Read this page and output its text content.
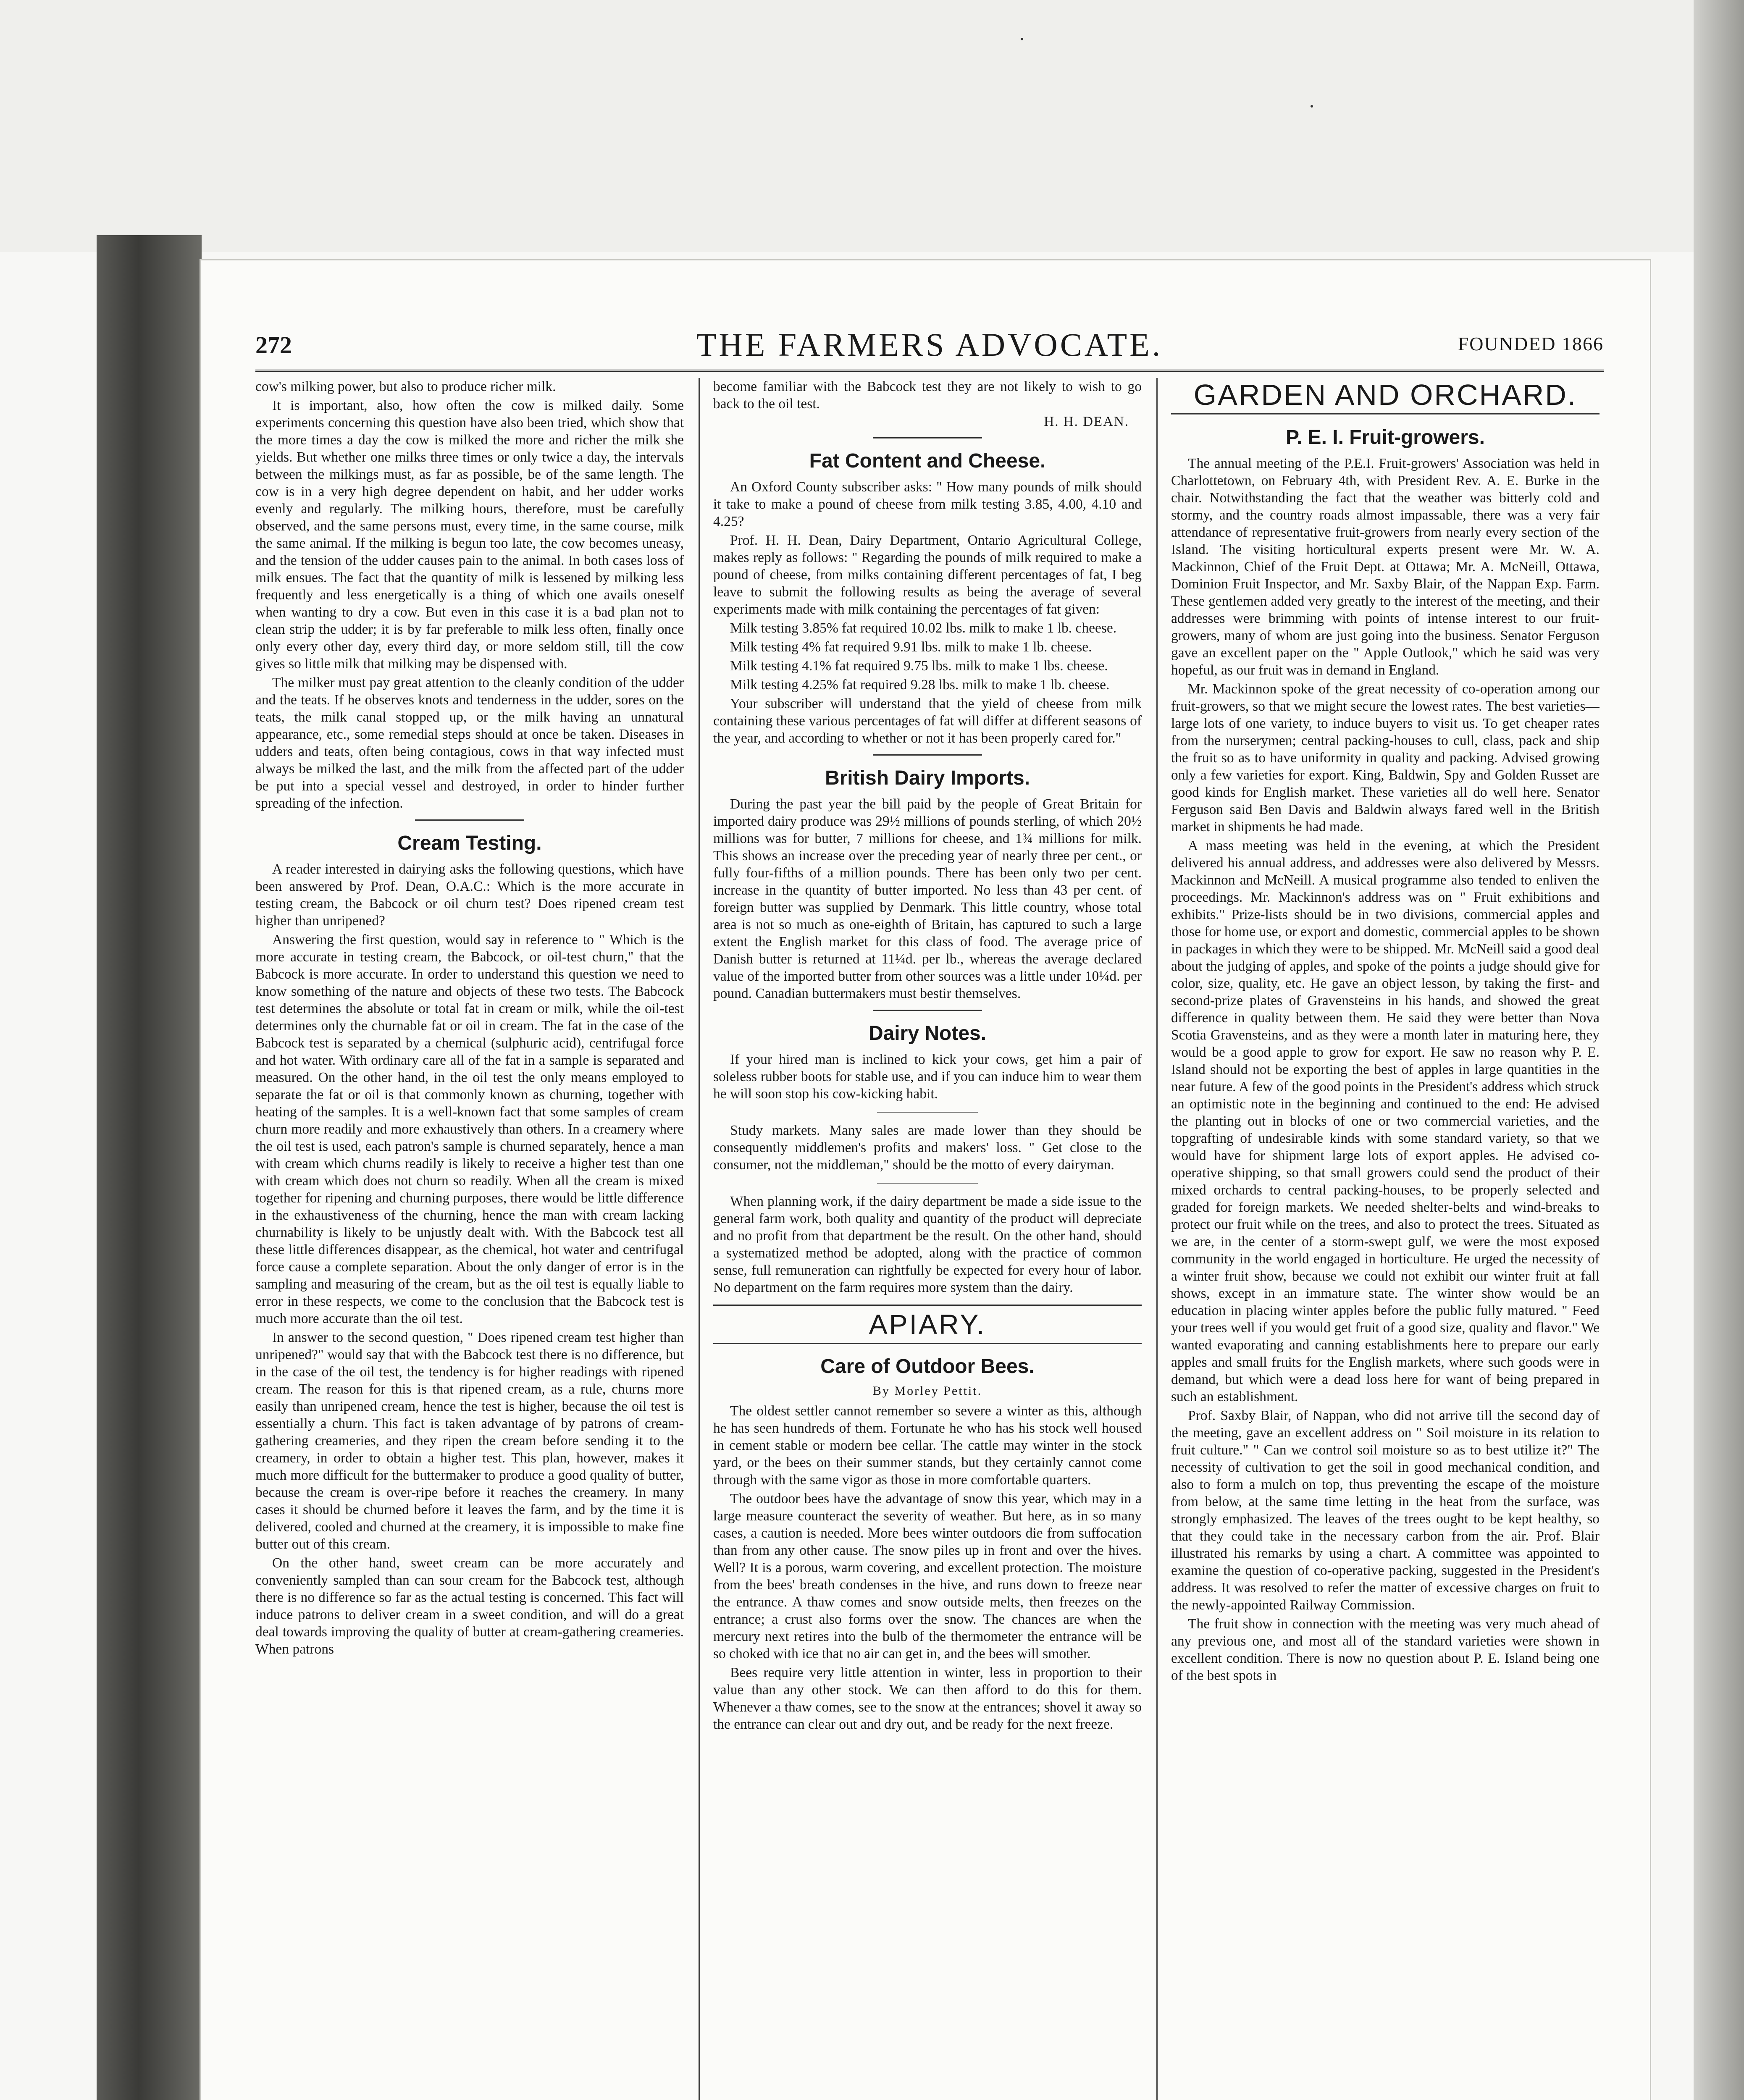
272	THE FARMERS ADVOCATE.	FOUNDED 1866

cow's milking power, but also to produce richer milk.

It is important, also, how often the cow is milked daily. Some experiments concerning this question have also been tried, which show that the more times a day the cow is milked the more and richer the milk she yields. But whether one milks three times or only twice a day, the intervals between the milkings must, as far as possible, be of the same length. The cow is in a very high degree dependent on habit, and her udder works evenly and regularly. The milking hours, therefore, must be carefully observed, and the same persons must, every time, in the same course, milk the same animal. If the milking is begun too late, the cow becomes uneasy, and the tension of the udder causes pain to the animal. In both cases loss of milk ensues. The fact that the quantity of milk is lessened by milking less frequently and less energetically is a thing of which one avails oneself when wanting to dry a cow. But even in this case it is a bad plan not to clean strip the udder; it is by far preferable to milk less often, finally once only every other day, every third day, or more seldom still, till the cow gives so little milk that milking may be dispensed with.

The milker must pay great attention to the cleanly condition of the udder and the teats. If he observes knots and tenderness in the udder, sores on the teats, the milk canal stopped up, or the milk having an unnatural appearance, etc., some remedial steps should at once be taken. Diseases in udders and teats, often being contagious, cows in that way infected must always be milked the last, and the milk from the affected part of the udder be put into a special vessel and destroyed, in order to hinder further spreading of the infection.

Cream Testing.

A reader interested in dairying asks the following questions, which have been answered by Prof. Dean, O.A.C.: Which is the more accurate in testing cream, the Babcock or oil churn test? Does ripened cream test higher than unripened?

Answering the first question, would say in reference to " Which is the more accurate in testing cream, the Babcock, or oil-test churn," that the Babcock is more accurate. In order to understand this question we need to know something of the nature and objects of these two tests. The Babcock test determines the absolute or total fat in cream or milk, while the oil-test determines only the churnable fat or oil in cream. The fat in the case of the Babcock test is separated by a chemical (sulphuric acid), centrifugal force and hot water. With ordinary care all of the fat in a sample is separated and measured. On the other hand, in the oil test the only means employed to separate the fat or oil is that commonly known as churning, together with heating of the samples. It is a well-known fact that some samples of cream churn more readily and more exhaustively than others. In a creamery where the oil test is used, each patron's sample is churned separately, hence a man with cream which churns readily is likely to receive a higher test than one with cream which does not churn so readily. When all the cream is mixed together for ripening and churning purposes, there would be little difference in the exhaustiveness of the churning, hence the man with cream lacking churnability is likely to be unjustly dealt with. With the Babcock test all these little differences disappear, as the chemical, hot water and centrifugal force cause a complete separation. About the only danger of error is in the sampling and measuring of the cream, but as the oil test is equally liable to error in these respects, we come to the conclusion that the Babcock test is much more accurate than the oil test.

In answer to the second question, " Does ripened cream test higher than unripened?" would say that with the Babcock test there is no difference, but in the case of the oil test, the tendency is for higher readings with ripened cream. The reason for this is that ripened cream, as a rule, churns more easily than unripened cream, hence the test is higher, because the oil test is essentially a churn. This fact is taken advantage of by patrons of cream-gathering creameries, and they ripen the cream before sending it to the creamery, in order to obtain a higher test. This plan, however, makes it much more difficult for the buttermaker to produce a good quality of butter, because the cream is over-ripe before it reaches the creamery. In many cases it should be churned before it leaves the farm, and by the time it is delivered, cooled and churned at the creamery, it is impossible to make fine butter out of this cream.

On the other hand, sweet cream can be more accurately and conveniently sampled than can sour cream for the Babcock test, although there is no difference so far as the actual testing is concerned. This fact will induce patrons to deliver cream in a sweet condition, and will do a great deal towards improving the quality of butter at cream-gathering creameries. When patrons

become familiar with the Babcock test they are not likely to wish to go back to the oil test.

H. H. DEAN.
Fat Content and Cheese.

An Oxford County subscriber asks: " How many pounds of milk should it take to make a pound of cheese from milk testing 3.85, 4.00, 4.10 and 4.25?

Prof. H. H. Dean, Dairy Department, Ontario Agricultural College, makes reply as follows: " Regarding the pounds of milk required to make a pound of cheese, from milks containing different percentages of fat, I beg leave to submit the following results as being the average of several experiments made with milk containing the percentages of fat given:

Milk testing 3.85% fat required 10.02 lbs. milk to make 1 lb. cheese.

Milk testing 4% fat required 9.91 lbs. milk to make 1 lb. cheese.

Milk testing 4.1% fat required 9.75 lbs. milk to make 1 lbs. cheese.

Milk testing 4.25% fat required 9.28 lbs. milk to make 1 lb. cheese.

Your subscriber will understand that the yield of cheese from milk containing these various percentages of fat will differ at different seasons of the year, and according to whether or not it has been properly cared for."

British Dairy Imports.

During the past year the bill paid by the people of Great Britain for imported dairy produce was 29½ millions of pounds sterling, of which 20½ millions was for butter, 7 millions for cheese, and 1¾ millions for milk. This shows an increase over the preceding year of nearly three per cent., or fully four-fifths of a million pounds. There has been only two per cent. increase in the quantity of butter imported. No less than 43 per cent. of foreign butter was supplied by Denmark. This little country, whose total area is not so much as one-eighth of Britain, has captured to such a large extent the English market for this class of food. The average price of Danish butter is returned at 11¼d. per lb., whereas the average declared value of the imported butter from other sources was a little under 10¼d. per pound. Canadian buttermakers must bestir themselves.

Dairy Notes.

If your hired man is inclined to kick your cows, get him a pair of soleless rubber boots for stable use, and if you can induce him to wear them he will soon stop his cow-kicking habit.

Study markets. Many sales are made lower than they should be consequently middlemen's profits and makers' loss. " Get close to the consumer, not the middleman," should be the motto of every dairyman.

When planning work, if the dairy department be made a side issue to the general farm work, both quality and quantity of the product will depreciate and no profit from that department be the result. On the other hand, should a systematized method be adopted, along with the practice of common sense, full remuneration can rightfully be expected for every hour of labor. No department on the farm requires more system than the dairy.

APIARY.
Care of Outdoor Bees.
By Morley Pettit.

The oldest settler cannot remember so severe a winter as this, although he has seen hundreds of them. Fortunate he who has his stock well housed in cement stable or modern bee cellar. The cattle may winter in the stock yard, or the bees on their summer stands, but they certainly cannot come through with the same vigor as those in more comfortable quarters.

The outdoor bees have the advantage of snow this year, which may in a large measure counteract the severity of weather. But here, as in so many cases, a caution is needed. More bees winter outdoors die from suffocation than from any other cause. The snow piles up in front and over the hives. Well? It is a porous, warm covering, and excellent protection. The moisture from the bees' breath condenses in the hive, and runs down to freeze near the entrance. A thaw comes and snow outside melts, then freezes on the entrance; a crust also forms over the snow. The chances are when the mercury next retires into the bulb of the thermometer the entrance will be so choked with ice that no air can get in, and the bees will smother.

Bees require very little attention in winter, less in proportion to their value than any other stock. We can then afford to do this for them. Whenever a thaw comes, see to the snow at the entrances; shovel it away so the entrance can clear out and dry out, and be ready for the next freeze.

GARDEN AND ORCHARD.
P. E. I. Fruit-growers.

The annual meeting of the P.E.I. Fruit-growers' Association was held in Charlottetown, on February 4th, with President Rev. A. E. Burke in the chair. Notwithstanding the fact that the weather was bitterly cold and stormy, and the country roads almost impassable, there was a very fair attendance of representative fruit-growers from nearly every section of the Island. The visiting horticultural experts present were Mr. W. A. Mackinnon, Chief of the Fruit Dept. at Ottawa; Mr. A. McNeill, Ottawa, Dominion Fruit Inspector, and Mr. Saxby Blair, of the Nappan Exp. Farm. These gentlemen added very greatly to the interest of the meeting, and their addresses were brimming with points of intense interest to our fruit-growers, many of whom are just going into the business. Senator Ferguson gave an excellent paper on the " Apple Outlook," which he said was very hopeful, as our fruit was in demand in England.

Mr. Mackinnon spoke of the great necessity of co-operation among our fruit-growers, so that we might secure the lowest rates. The best varieties—large lots of one variety, to induce buyers to visit us. To get cheaper rates from the nurserymen; central packing-houses to cull, class, pack and ship the fruit so as to have uniformity in quality and packing. Advised growing only a few varieties for export. King, Baldwin, Spy and Golden Russet are good kinds for English market. These varieties all do well here. Senator Ferguson said Ben Davis and Baldwin always fared well in the British market in shipments he had made.

A mass meeting was held in the evening, at which the President delivered his annual address, and addresses were also delivered by Messrs. Mackinnon and McNeill. A musical programme also tended to enliven the proceedings. Mr. Mackinnon's address was on " Fruit exhibitions and exhibits." Prize-lists should be in two divisions, commercial apples and those for home use, or export and domestic, commercial apples to be shown in packages in which they were to be shipped. Mr. McNeill said a good deal about the judging of apples, and spoke of the points a judge should give for color, size, quality, etc. He gave an object lesson, by taking the first- and second-prize plates of Gravensteins in his hands, and showed the great difference in quality between them. He said they were better than Nova Scotia Gravensteins, and as they were a month later in maturing here, they would be a good apple to grow for export. He saw no reason why P. E. Island should not be exporting the best of apples in large quantities in the near future. A few of the good points in the President's address which struck an optimistic note in the beginning and continued to the end: He advised the planting out in blocks of one or two commercial varieties, and the topgrafting of undesirable kinds with some standard variety, so that we would have for shipment large lots of export apples. He advised co-operative shipping, so that small growers could send the product of their mixed orchards to central packing-houses, to be properly selected and graded for foreign markets. We needed shelter-belts and wind-breaks to protect our fruit while on the trees, and also to protect the trees. Situated as we are, in the center of a storm-swept gulf, we were the most exposed community in the world engaged in horticulture. He urged the necessity of a winter fruit show, because we could not exhibit our winter fruit at fall shows, except in an immature state. The winter show would be an education in placing winter apples before the public fully matured. " Feed your trees well if you would get fruit of a good size, quality and flavor." We wanted evaporating and canning establishments here to prepare our early apples and small fruits for the English markets, where such goods were in demand, but which were a dead loss here for want of being prepared in such an establishment.

Prof. Saxby Blair, of Nappan, who did not arrive till the second day of the meeting, gave an excellent address on " Soil moisture in its relation to fruit culture." " Can we control soil moisture so as to best utilize it?" The necessity of cultivation to get the soil in good mechanical condition, and also to form a mulch on top, thus preventing the escape of the moisture from below, at the same time letting in the heat from the surface, was strongly emphasized. The leaves of the trees ought to be kept healthy, so that they could take in the necessary carbon from the air. Prof. Blair illustrated his remarks by using a chart. A committee was appointed to examine the question of co-operative packing, suggested in the President's address. It was resolved to refer the matter of excessive charges on fruit to the newly-appointed Railway Commission.

The fruit show in connection with the meeting was very much ahead of any previous one, and most all of the standard varieties were shown in excellent condition. There is now no question about P. E. Island being one of the best spots in
